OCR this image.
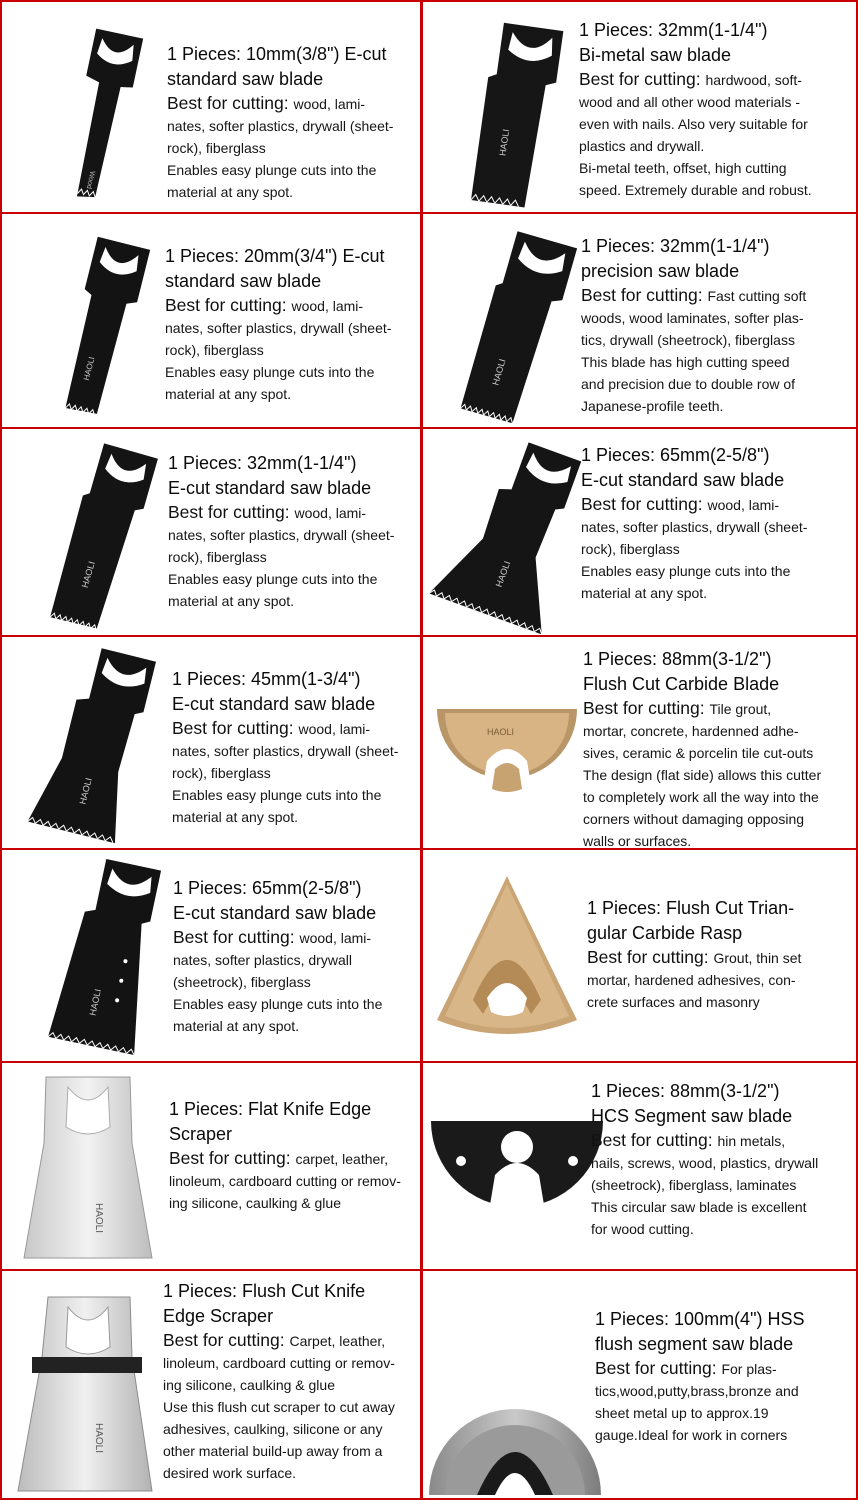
Wood
1 Pieces: 10mm(3/8") E-cut
standard saw blade
Best for cutting: wood, lami-
nates, softer plastics, drywall (sheet-
rock), fiberglass
Enables easy plunge cuts into the
material at any spot.
HAOLI
1 Pieces: 32mm(1-1/4")
Bi-metal saw blade
Best for cutting: hardwood, soft-
wood and all other wood materials -
even with nails. Also very suitable for
plastics and drywall.
Bi-metal teeth, offset, high cutting
speed. Extremely durable and robust.
HAOLI
1 Pieces: 20mm(3/4") E-cut
standard saw blade
Best for cutting: wood, lami-
nates, softer plastics, drywall (sheet-
rock), fiberglass
Enables easy plunge cuts into the
material at any spot.
HAOLI
1 Pieces: 32mm(1-1/4")
precision saw blade
Best for cutting: Fast cutting soft
woods, wood laminates, softer plas-
tics, drywall (sheetrock), fiberglass
This blade has high cutting speed
and precision due to double row of
Japanese-profile teeth.
HAOLI
1 Pieces: 32mm(1-1/4")
E-cut standard saw blade
Best for cutting: wood, lami-
nates, softer plastics, drywall (sheet-
rock), fiberglass
Enables easy plunge cuts into the
material at any spot.
HAOLI
1 Pieces: 65mm(2-5/8")
E-cut standard saw blade
Best for cutting: wood, lami-
nates, softer plastics, drywall (sheet-
rock), fiberglass
Enables easy plunge cuts into the
material at any spot.
HAOLI
1 Pieces: 45mm(1-3/4")
E-cut standard saw blade
Best for cutting: wood, lami-
nates, softer plastics, drywall (sheet-
rock), fiberglass
Enables easy plunge cuts into the
material at any spot.
HAOLI
1 Pieces: 88mm(3-1/2")
Flush Cut Carbide Blade
Best for cutting: Tile grout,
mortar, concrete, hardenned adhe-
sives, ceramic & porcelin tile cut-outs
The design (flat side) allows this cutter
to completely work all the way into the
corners without damaging opposing
walls or surfaces.
HAOLI
1 Pieces: 65mm(2-5/8")
E-cut standard saw blade
Best for cutting: wood, lami-
nates, softer plastics, drywall
(sheetrock), fiberglass
Enables easy plunge cuts into the
material at any spot.
1 Pieces: Flush Cut Trian-
gular Carbide Rasp
Best for cutting: Grout, thin set
mortar, hardened adhesives, con-
crete surfaces and masonry
HAOLI
1 Pieces: Flat Knife Edge
Scraper
Best for cutting: carpet, leather,
linoleum, cardboard cutting or remov-
ing silicone, caulking & glue
1 Pieces: 88mm(3-1/2")
HCS Segment saw blade
Best for cutting: hin metals,
nails, screws, wood, plastics, drywall
(sheetrock), fiberglass, laminates
This circular saw blade is excellent
for wood cutting.
HAOLI
1 Pieces: Flush Cut Knife
Edge Scraper
Best for cutting: Carpet, leather,
linoleum, cardboard cutting or remov-
ing silicone, caulking & glue
Use this flush cut scraper to cut away
adhesives, caulking, silicone or any
other material build-up away from a
desired work surface.
1 Pieces: 100mm(4") HSS
flush segment saw blade
Best for cutting: For plas-
tics,wood,putty,brass,bronze and
sheet metal up to approx.19
gauge.Ideal for work in corners
